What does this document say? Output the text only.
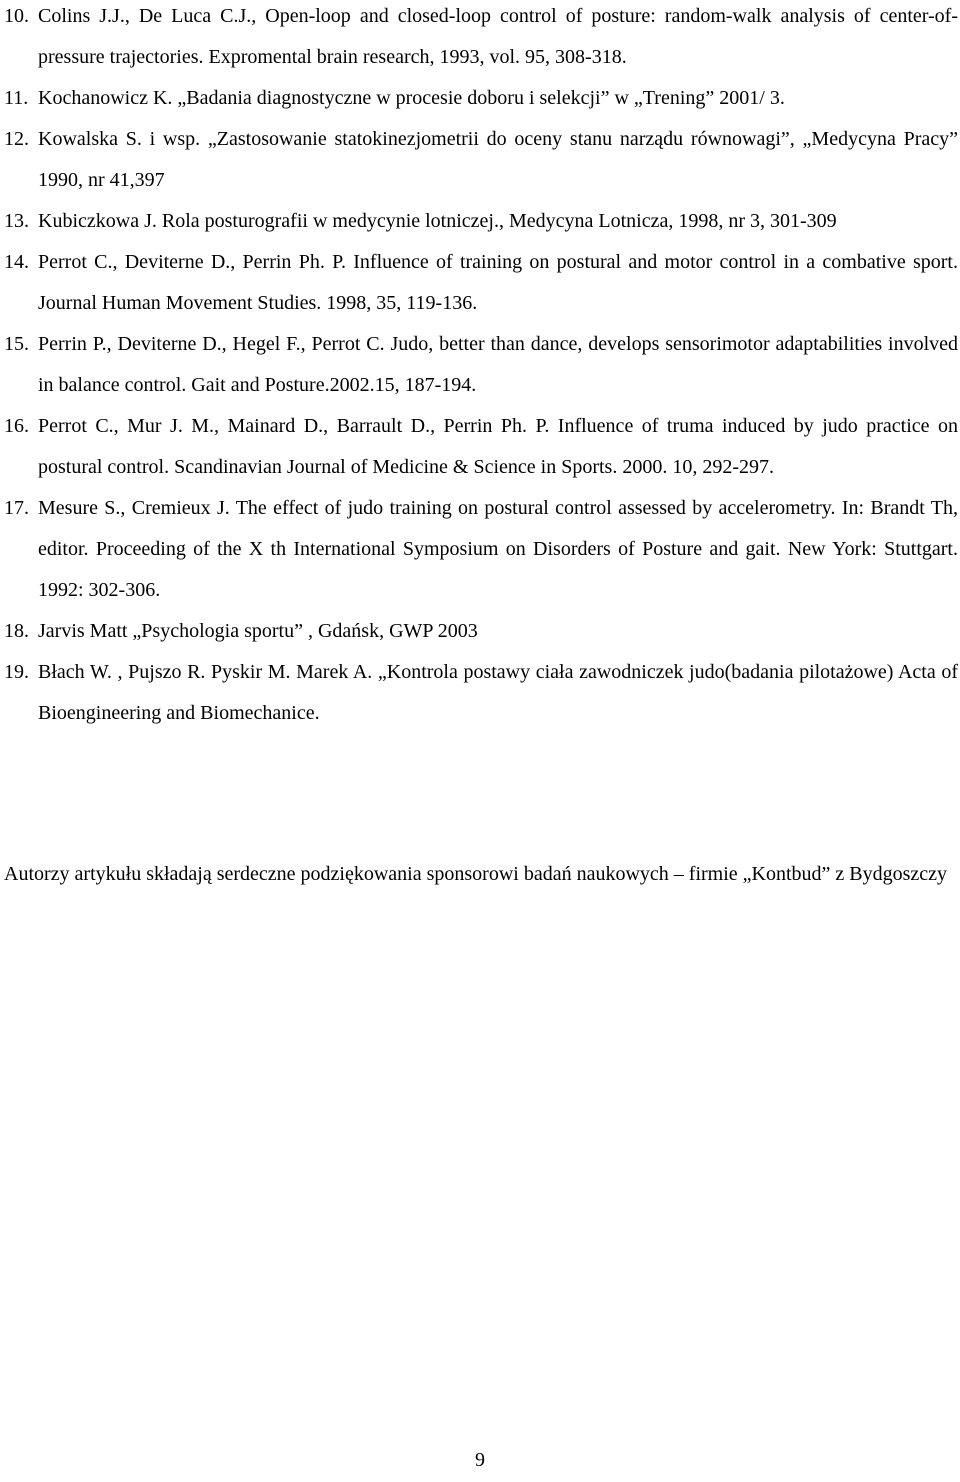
10. Colins J.J., De Luca C.J., Open-loop and closed-loop control of posture: random-walk analysis of center-of-pressure trajectories. Expromental brain research, 1993, vol. 95, 308-318.
11. Kochanowicz K. „Badania diagnostyczne w procesie doboru i selekcji” w „Trening” 2001/ 3.
12. Kowalska S. i wsp. „Zastosowanie statokinezjometrii do oceny stanu narządu równowagi”, „Medycyna Pracy” 1990, nr 41,397
13. Kubiczkowa J. Rola posturografii w medycynie lotniczej., Medycyna Lotnicza, 1998, nr 3, 301-309
14. Perrot C., Deviterne D., Perrin Ph. P. Influence of training on postural and motor control in a combative sport. Journal Human Movement Studies. 1998, 35, 119-136.
15. Perrin P., Deviterne D., Hegel F., Perrot C. Judo, better than dance, develops sensorimotor adaptabilities involved in balance control. Gait and Posture.2002.15, 187-194.
16. Perrot C., Mur J. M., Mainard D., Barrault D., Perrin Ph. P. Influence of truma induced by judo practice on postural control. Scandinavian Journal of Medicine & Science in Sports. 2000. 10, 292-297.
17. Mesure S., Cremieux J. The effect of judo training on postural control assessed by accelerometry. In: Brandt Th, editor. Proceeding of the X th International Symposium on Disorders of Posture and gait. New York: Stuttgart. 1992: 302-306.
18. Jarvis Matt „Psychologia sportu” , Gdańsk, GWP 2003
19. Błach W. , Pujszo R. Pyskir M. Marek A. „Kontrola postawy ciała zawodniczek judo(badania pilotażowe) Acta of Bioengineering and Biomechanice.

Autorzy artykułu składają serdeczne podziękowania sponsorowi badań naukowych – firmie „Kontbud” z Bydgoszczy

9
